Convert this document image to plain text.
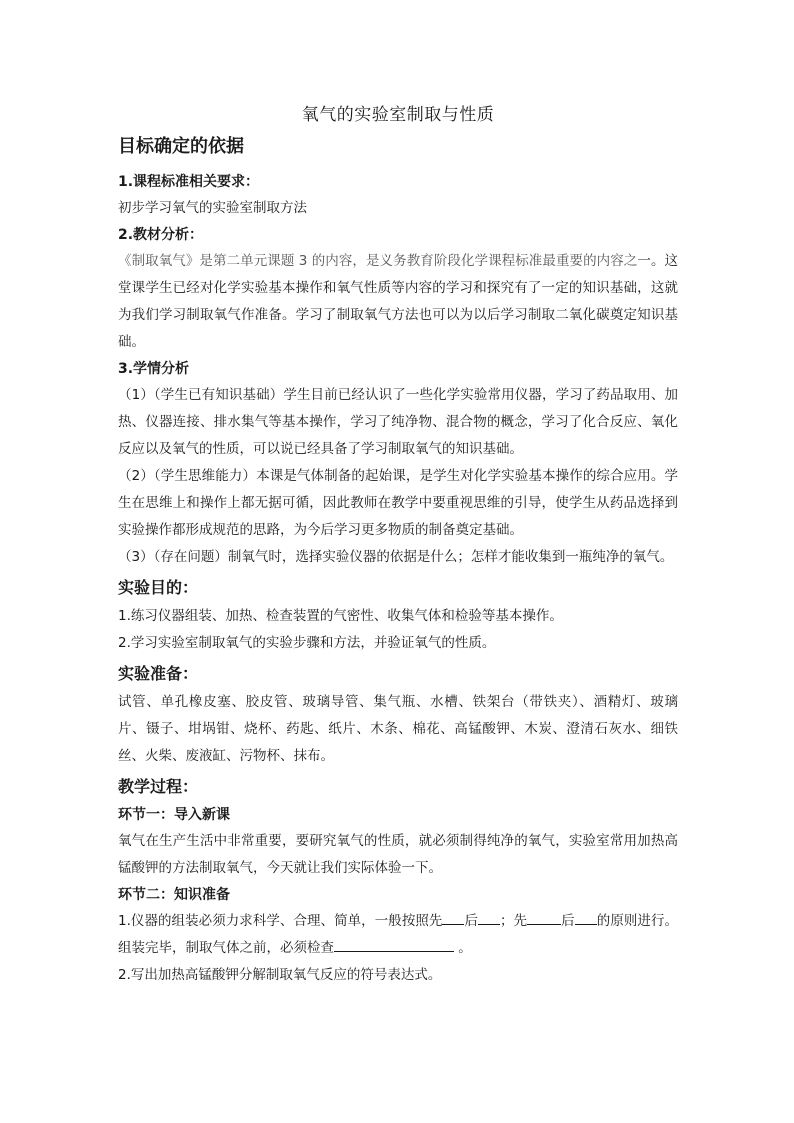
氧气的实验室制取与性质
目标确定的依据
1.课程标准相关要求：

初步学习氧气的实验室制取方法

2.教材分析：

《制取氧气》是第二单元课题 3 的内容，是义务教育阶段化学课程标准最重要的内容之一。这堂课学生已经对化学实验基本操作和氧气性质等内容的学习和探究有了一定的知识基础，这就为我们学习制取氧气作准备。学习了制取氧气方法也可以为以后学习制取二氧化碳奠定知识基础。

3.学情分析

（1）（学生已有知识基础）学生目前已经认识了一些化学实验常用仪器，学习了药品取用、加热、仪器连接、排水集气等基本操作，学习了纯净物、混合物的概念，学习了化合反应、氧化反应以及氧气的性质，可以说已经具备了学习制取氧气的知识基础。

（2）（学生思维能力）本课是气体制备的起始课，是学生对化学实验基本操作的综合应用。学生在思维上和操作上都无据可循，因此教师在教学中要重视思维的引导，使学生从药品选择到实验操作都形成规范的思路，为今后学习更多物质的制备奠定基础。

（3）（存在问题）制氧气时，选择实验仪器的依据是什么；怎样才能收集到一瓶纯净的氧气。

实验目的：

1.练习仪器组装、加热、检查装置的气密性、收集气体和检验等基本操作。

2.学习实验室制取氧气的实验步骤和方法，并验证氧气的性质。

实验准备：

试管、单孔橡皮塞、胶皮管、玻璃导管、集气瓶、水槽、铁架台（带铁夹）、酒精灯、玻璃片、镊子、坩埚钳、烧杯、药匙、纸片、木条、棉花、高锰酸钾、木炭、澄清石灰水、细铁丝、火柴、废液缸、污物杯、抹布。

教学过程：
环节一：导入新课

氧气在生产生活中非常重要，要研究氧气的性质，就必须制得纯净的氧气，实验室常用加热高锰酸钾的方法制取氧气，今天就让我们实际体验一下。

环节二：知识准备

1.仪器的组装必须力求科学、合理、简单，一般按照先 后 ；先	后 的原则进行。组装完毕，制取气体之前，必须检查	。

2.写出加热高锰酸钾分解制取氧气反应的符号表达式。
